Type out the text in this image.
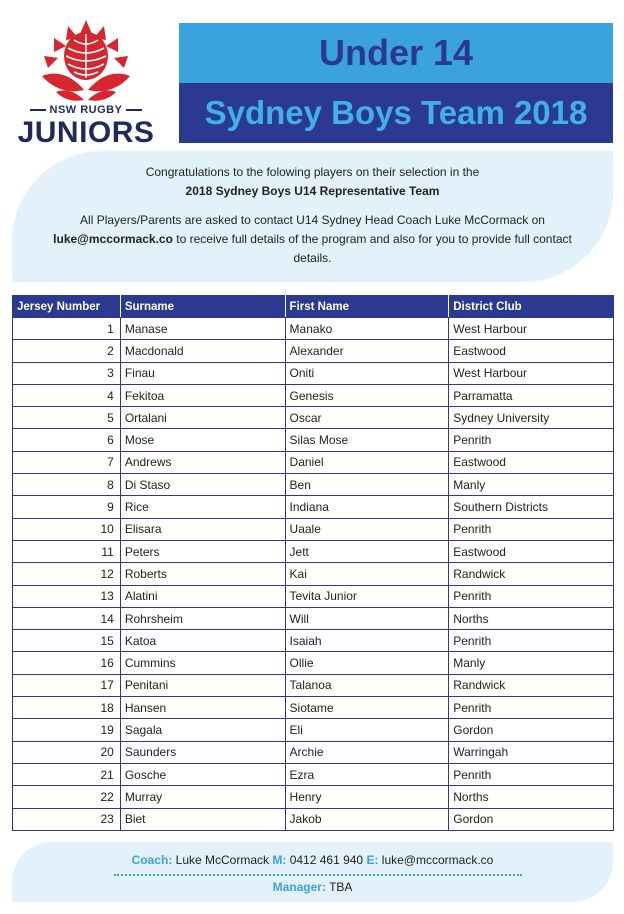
NSW RUGBY
JUNIORS
Under 14
Sydney Boys Team 2018
Congratulations to the folowing players on their selection in the
2018 Sydney Boys U14 Representative Team
All Players/Parents are asked to contact U14 Sydney Head Coach Luke McCormack on
luke@mccormack.co to receive full details of the program and also for you to provide full contact details.
Jersey Number	Surname	First Name	District Club
1	Manase	Manako	West Harbour
2	Macdonald	Alexander	Eastwood
3	Finau	Oniti	West Harbour
4	Fekitoa	Genesis	Parramatta
5	Ortalani	Oscar	Sydney University
6	Mose	Silas Mose	Penrith
7	Andrews	Daniel	Eastwood
8	Di Staso	Ben	Manly
9	Rice	Indiana	Southern Districts
10	Elisara	Uaale	Penrith
11	Peters	Jett	Eastwood
12	Roberts	Kai	Randwick
13	Alatini	Tevita Junior	Penrith
14	Rohrsheim	Will	Norths
15	Katoa	Isaiah	Penrith
16	Cummins	Ollie	Manly
17	Penitani	Talanoa	Randwick
18	Hansen	Siotame	Penrith
19	Sagala	Eli	Gordon
20	Saunders	Archie	Warringah
21	Gosche	Ezra	Penrith
22	Murray	Henry	Norths
23	Biet	Jakob	Gordon
Coach: Luke McCormack M: 0412 461 940 E: luke@mccormack.co
Manager: TBA
